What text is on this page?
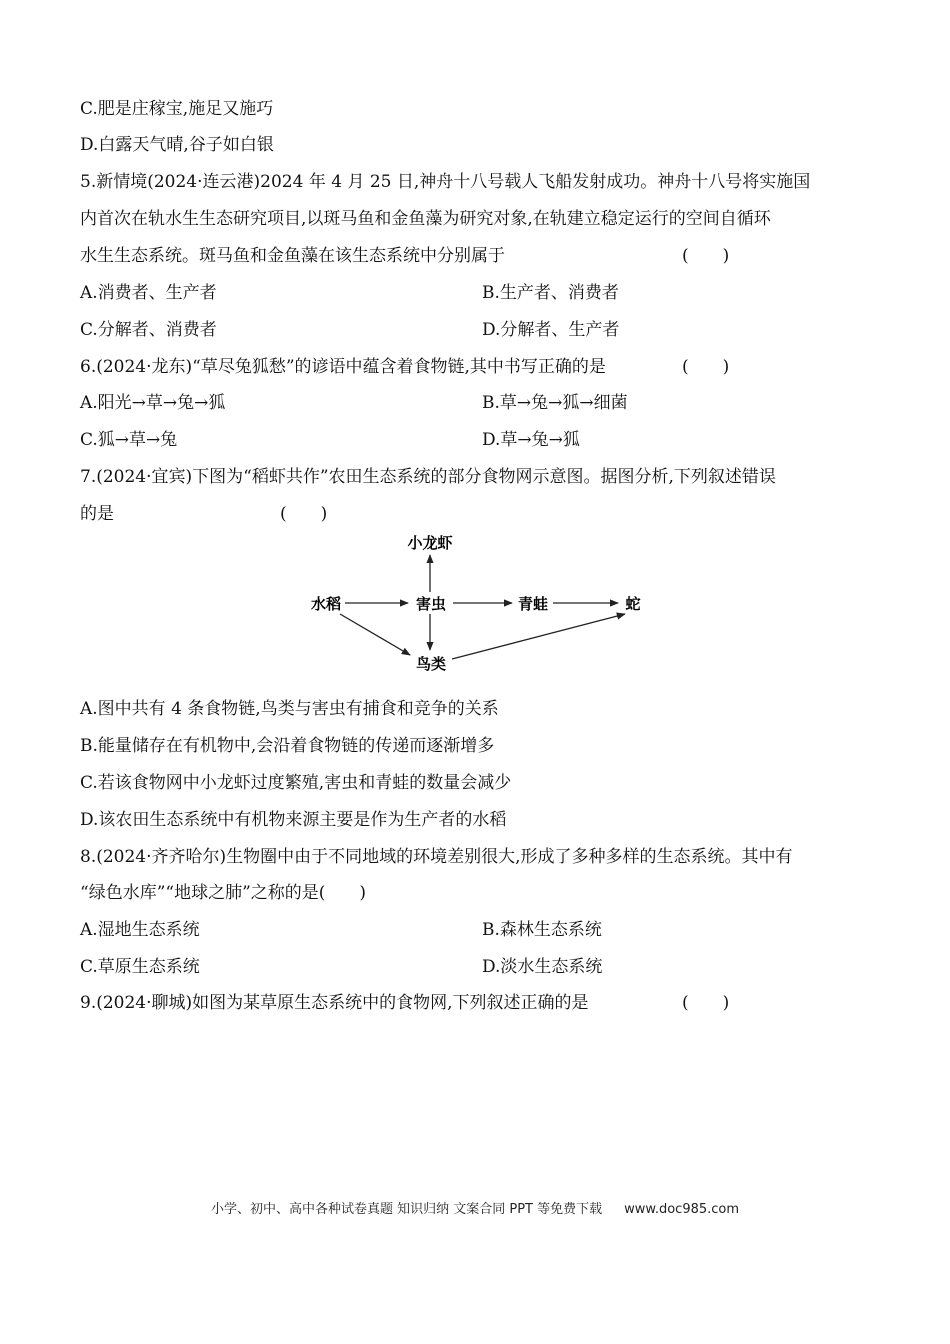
C.肥是庄稼宝,施足又施巧
D.白露天气晴,谷子如白银
5.新情境(2024·连云港)2024 年 4 月 25 日,神舟十八号载人飞船发射成功。神舟十八号将实施国
内首次在轨水生生态研究项目,以斑马鱼和金鱼藻为研究对象,在轨建立稳定运行的空间自循环
水生生态系统。斑马鱼和金鱼藻在该生态系统中分别属于	(　　)
A.消费者、生产者	B.生产者、消费者
C.分解者、消费者	D.分解者、生产者
6.(2024·龙东)“草尽兔狐愁”的谚语中蕴含着食物链,其中书写正确的是	(　　)
A.阳光→草→兔→狐	B.草→兔→狐→细菌
C.狐→草→兔	D.草→兔→狐
7.(2024·宜宾)下图为“稻虾共作”农田生态系统的部分食物网示意图。据图分析,下列叙述错误
的是	(　　)
小龙虾
水稻	害虫	青蛙	蛇
鸟类
A.图中共有 4 条食物链,鸟类与害虫有捕食和竞争的关系
B.能量储存在有机物中,会沿着食物链的传递而逐渐增多
C.若该食物网中小龙虾过度繁殖,害虫和青蛙的数量会减少
D.该农田生态系统中有机物来源主要是作为生产者的水稻
8.(2024·齐齐哈尔)生物圈中由于不同地域的环境差别很大,形成了多种多样的生态系统。其中有
“绿色水库”“地球之肺”之称的是(　　)
A.湿地生态系统	B.森林生态系统
C.草原生态系统	D.淡水生态系统
9.(2024·聊城)如图为某草原生态系统中的食物网,下列叙述正确的是	(　　)
小学、初中、高中各种试卷真题 知识归纳 文案合同 PPT 等免费下载 www.doc985.com
